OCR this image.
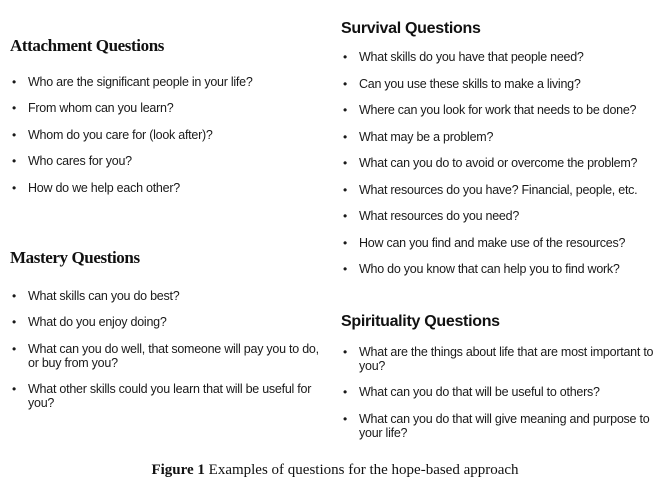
Attachment Questions
• Who are the significant people in your life?
• From whom can you learn?
• Whom do you care for (look after)?
• Who cares for you?
• How do we help each other?
Mastery Questions
• What skills can you do best?
• What do you enjoy doing?
• What can you do well, that someone will pay you to do, or buy from you?
• What other skills could you learn that will be useful for you?
Survival Questions
• What skills do you have that people need?
• Can you use these skills to make a living?
• Where can you look for work that needs to be done?
• What may be a problem?
• What can you do to avoid or overcome the problem?
• What resources do you have? Financial, people, etc.
• What resources do you need?
• How can you find and make use of the resources?
• Who do you know that can help you to find work?
Spirituality Questions
• What are the things about life that are most important to you?
• What can you do that will be useful to others?
• What can you do that will give meaning and purpose to your life?
Figure 1 Examples of questions for the hope-based approach
